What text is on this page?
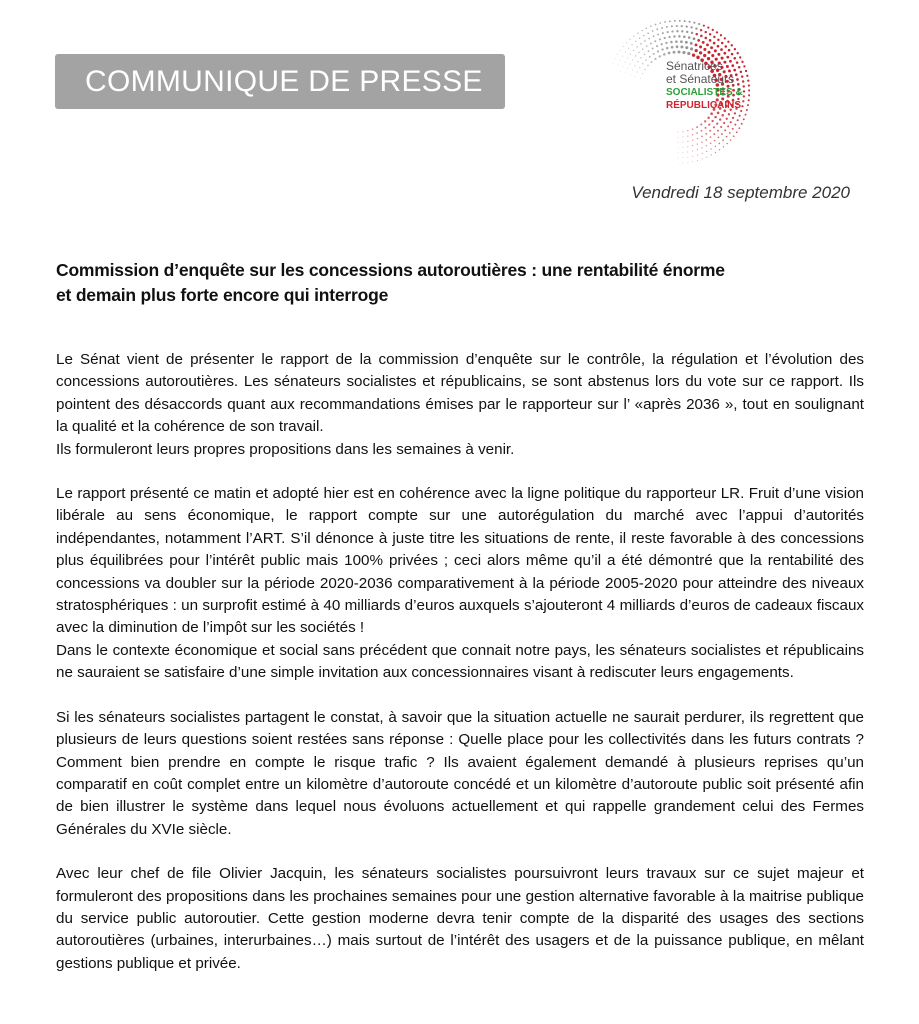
COMMUNIQUE DE PRESSE	Sénatrices
et Sénateurs
SOCIALISTES &
RÉPUBLICAINS
Vendredi 18 septembre 2020
Commission d’enquête sur les concessions autoroutières : une rentabilité énorme
et demain plus forte encore qui interroge

Le Sénat vient de présenter le rapport de la commission d’enquête sur le contrôle, la régulation et l’évolution des concessions autoroutières. Les sénateurs socialistes et républicains, se sont abstenus lors du vote sur ce rapport. Ils pointent des désaccords quant aux recommandations émises par le rapporteur sur l’ «après 2036 », tout en soulignant la qualité et la cohérence de son travail.
Ils formuleront leurs propres propositions dans les semaines à venir.

Le rapport présenté ce matin et adopté hier est en cohérence avec la ligne politique du rapporteur LR. Fruit d’une vision libérale au sens économique, le rapport compte sur une autorégulation du marché avec l’appui d’autorités indépendantes, notamment l’ART. S’il dénonce à juste titre les situations de rente, il reste favorable à des concessions plus équilibrées pour l’intérêt public mais 100% privées ; ceci alors même qu’il a été démontré que la rentabilité des concessions va doubler sur la période 2020-2036 comparativement à la période 2005-2020 pour atteindre des niveaux stratosphériques : un surprofit estimé à 40 milliards d’euros auxquels s’ajouteront 4 milliards d’euros de cadeaux fiscaux avec la diminution de l’impôt sur les sociétés !
Dans le contexte économique et social sans précédent que connait notre pays, les sénateurs socialistes et républicains ne sauraient se satisfaire d’une simple invitation aux concessionnaires visant à rediscuter leurs engagements.

Si les sénateurs socialistes partagent le constat, à savoir que la situation actuelle ne saurait perdurer, ils regrettent que plusieurs de leurs questions soient restées sans réponse : Quelle place pour les collectivités dans les futurs contrats ? Comment bien prendre en compte le risque trafic ? Ils avaient également demandé à plusieurs reprises qu’un comparatif en coût complet entre un kilomètre d’autoroute concédé et un kilomètre d’autoroute public soit présenté afin de bien illustrer le système dans lequel nous évoluons actuellement et qui rappelle grandement celui des Fermes Générales du XVIe siècle.

Avec leur chef de file Olivier Jacquin, les sénateurs socialistes poursuivront leurs travaux sur ce sujet majeur et formuleront des propositions dans les prochaines semaines pour une gestion alternative favorable à la maitrise publique du service public autoroutier. Cette gestion moderne devra tenir compte de la disparité des usages des sections autoroutières (urbaines, interurbaines…) mais surtout de l’intérêt des usagers et de la puissance publique, en mêlant gestions publique et privée.
